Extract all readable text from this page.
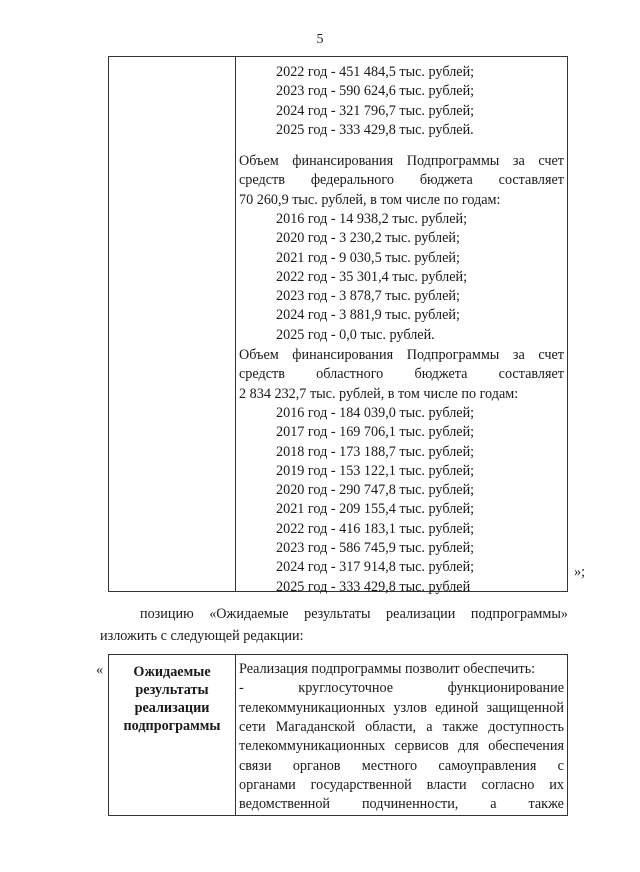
5
2022 год - 451 484,5 тыс. рублей;
2023 год - 590 624,6 тыс. рублей;
2024 год - 321 796,7 тыс. рублей;
2025 год - 333 429,8 тыс. рублей.
Объем финансирования Подпрограммы за счет
средств федерального бюджета составляет
70 260,9 тыс. рублей, в том числе по годам:
2016 год - 14 938,2 тыс. рублей;
2020 год - 3 230,2 тыс. рублей;
2021 год - 9 030,5 тыс. рублей;
2022 год - 35 301,4 тыс. рублей;
2023 год - 3 878,7 тыс. рублей;
2024 год - 3 881,9 тыс. рублей;
2025 год - 0,0 тыс. рублей.
Объем финансирования Подпрограммы за счет
средств областного бюджета составляет
2 834 232,7 тыс. рублей, в том числе по годам:
2016 год - 184 039,0 тыс. рублей;
2017 год - 169 706,1 тыс. рублей;
2018 год - 173 188,7 тыс. рублей;
2019 год - 153 122,1 тыс. рублей;
2020 год - 290 747,8 тыс. рублей;
2021 год - 209 155,4 тыс. рублей;
2022 год - 416 183,1 тыс. рублей;
2023 год - 586 745,9 тыс. рублей;
2024 год - 317 914,8 тыс. рублей;
2025 год - 333 429,8 тыс. рублей
»;
позицию «Ожидаемые результаты реализации подпрограммы»
изложить с следующей редакции:
«	Ожидаемые
результаты
реализации
подпрограммы
Реализация подпрограммы позволит обеспечить:
-	круглосуточное	функционирование
телекоммуникационных узлов единой защищенной
сети Магаданской области, а также доступность
телекоммуникационных сервисов для обеспечения
связи органов местного самоуправления с
органами государственной власти согласно их
ведомственной подчиненности, а также
